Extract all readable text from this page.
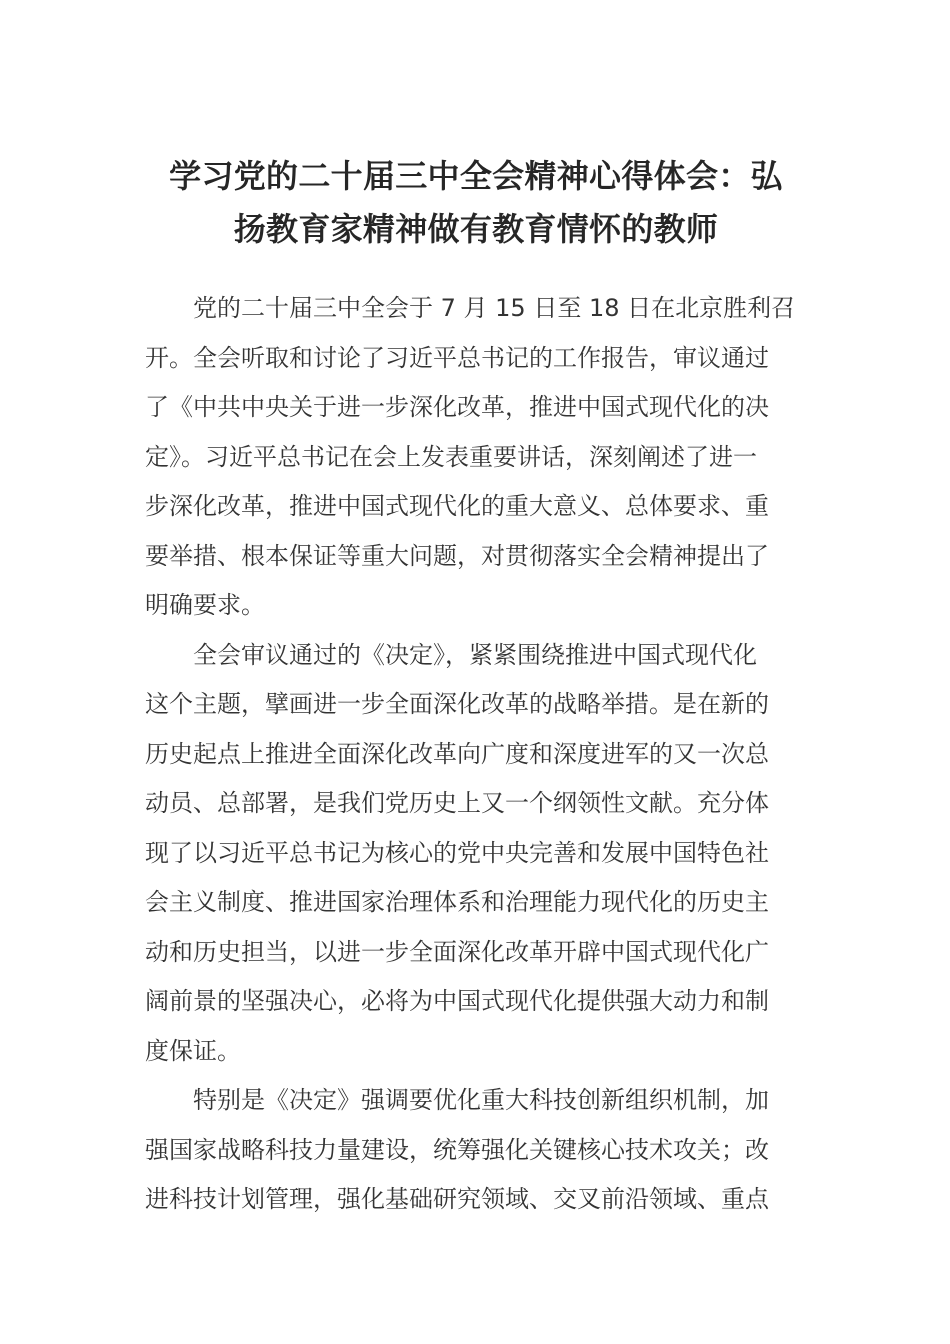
学习党的二十届三中全会精神心得体会：弘
扬教育家精神做有教育情怀的教师

党的二十届三中全会于 7 月 15 日至 18 日在北京胜利召
开。全会听取和讨论了习近平总书记的工作报告，审议通过
了《中共中央关于进一步深化改革，推进中国式现代化的决
定》。习近平总书记在会上发表重要讲话，深刻阐述了进一
步深化改革，推进中国式现代化的重大意义、总体要求、重
要举措、根本保证等重大问题，对贯彻落实全会精神提出了
明确要求。

全会审议通过的《决定》，紧紧围绕推进中国式现代化
这个主题，擘画进一步全面深化改革的战略举措。是在新的
历史起点上推进全面深化改革向广度和深度进军的又一次总
动员、总部署，是我们党历史上又一个纲领性文献。充分体
现了以习近平总书记为核心的党中央完善和发展中国特色社
会主义制度、推进国家治理体系和治理能力现代化的历史主
动和历史担当，以进一步全面深化改革开辟中国式现代化广
阔前景的坚强决心，必将为中国式现代化提供强大动力和制
度保证。

特别是《决定》强调要优化重大科技创新组织机制，加
强国家战略科技力量建设，统筹强化关键核心技术攻关；改
进科技计划管理，强化基础研究领域、交叉前沿领域、重点
